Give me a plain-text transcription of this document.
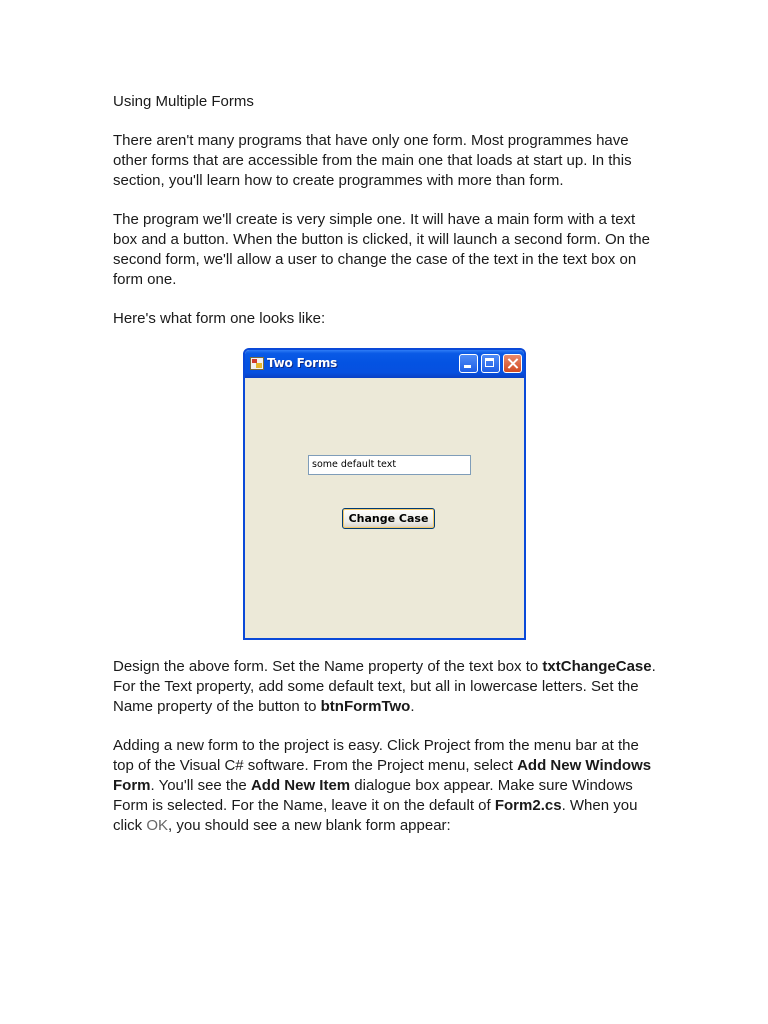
Using Multiple Forms

There aren't many programs that have only one form. Most programmes have other forms that are accessible from the main one that loads at start up. In this section, you'll learn how to create programmes with more than form.

The program we'll create is very simple one. It will have a main form with a text box and a button. When the button is clicked, it will launch a second form. On the second form, we'll allow a user to change the case of the text in the text box on form one.

Here's what form one looks like:

Two Forms
some default text
Change Case

Design the above form. Set the Name property of the text box to txtChangeCase. For the Text property, add some default text, but all in lowercase letters. Set the Name property of the button to btnFormTwo.

Adding a new form to the project is easy. Click Project from the menu bar at the top of the Visual C# software. From the Project menu, select Add New Windows Form. You'll see the Add New Item dialogue box appear. Make sure Windows Form is selected. For the Name, leave it on the default of Form2.cs. When you click OK, you should see a new blank form appear:
